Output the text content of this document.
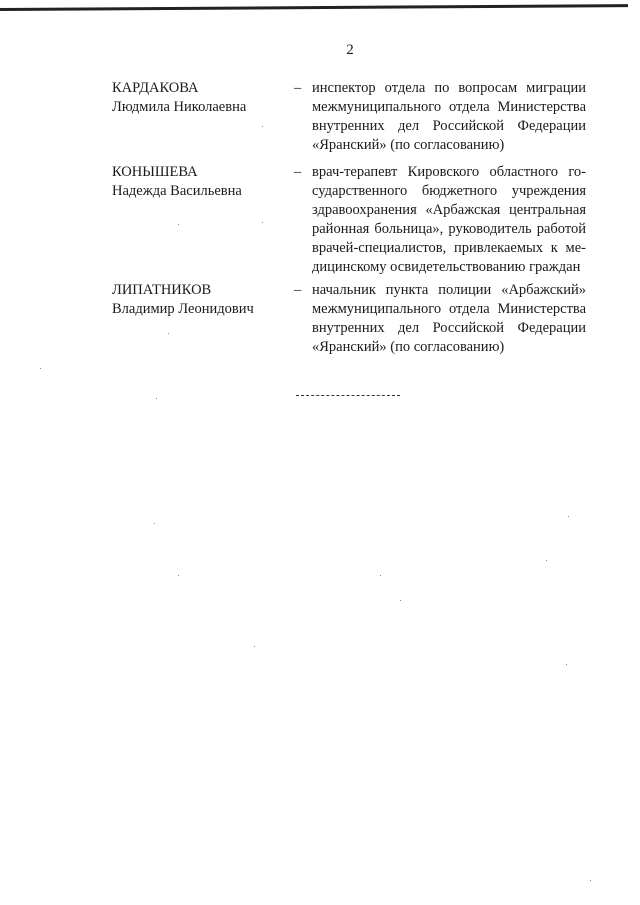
2
КАРДАКОВА
Людмила Николаевна
– инспектор отдела по вопросам миграции
межмуниципального отдела Министерства
внутренних дел Российской Федерации
«Яранский» (по согласованию)
КОНЫШЕВА
Надежда Васильевна
– врач-терапевт Кировского областного го-
сударственного бюджетного учреждения
здравоохранения «Арбажская центральная
районная больница», руководитель работой
врачей-специалистов, привлекаемых к ме-
дицинскому освидетельствованию граждан
ЛИПАТНИКОВ
Владимир Леонидович
– начальник пункта полиции «Арбажский»
межмуниципального отдела Министерства
внутренних дел Российской Федерации
«Яранский» (по согласованию)
